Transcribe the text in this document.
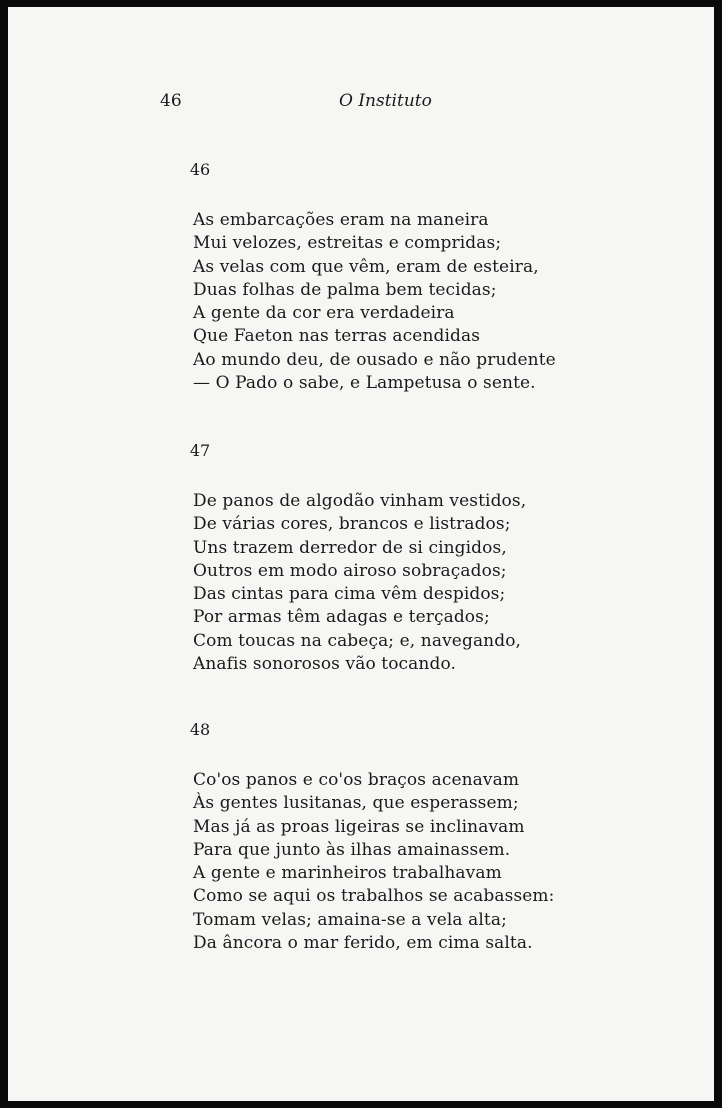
46	O Instituto

46

As embarcações eram na maneira
Mui velozes, estreitas e compridas;
As velas com que vêm, eram de esteira,
Duas folhas de palma bem tecidas;
A gente da cor era verdadeira
Que Faeton nas terras acendidas
Ao mundo deu, de ousado e não prudente
— O Pado o sabe, e Lampetusa o sente.

47

De panos de algodão vinham vestidos,
De várias cores, brancos e listrados;
Uns trazem derredor de si cingidos,
Outros em modo airoso sobraçados;
Das cintas para cima vêm despidos;
Por armas têm adagas e terçados;
Com toucas na cabeça; e, navegando,
Anafis sonorosos vão tocando.

48

Co'os panos e co'os braços acenavam
Às gentes lusitanas, que esperassem;
Mas já as proas ligeiras se inclinavam
Para que junto às ilhas amainassem.
A gente e marinheiros trabalhavam
Como se aqui os trabalhos se acabassem:
Tomam velas; amaina-se a vela alta;
Da âncora o mar ferido, em cima salta.
